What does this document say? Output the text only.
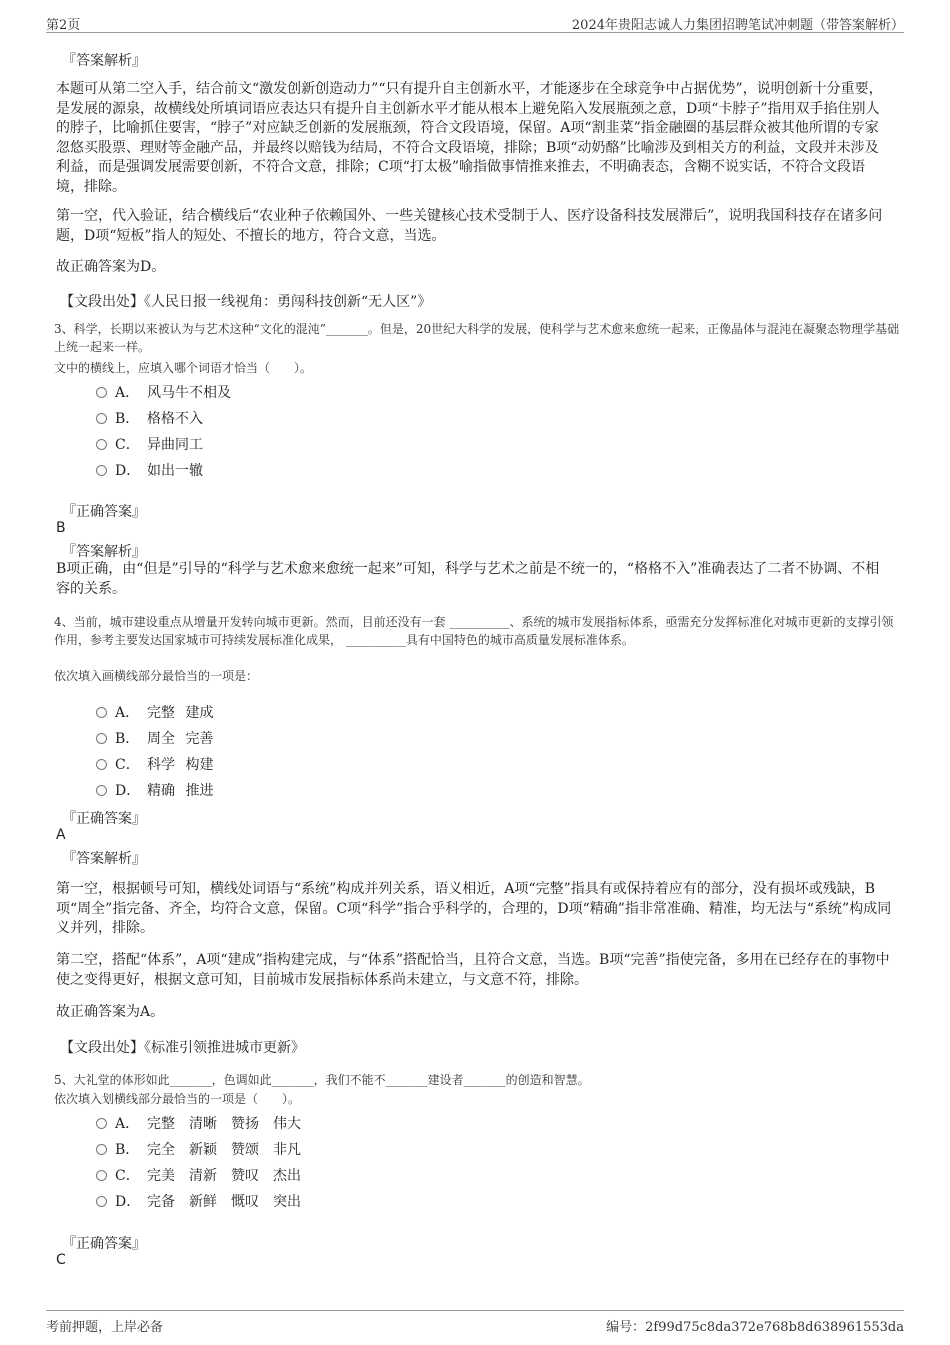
第2页	2024年贵阳志诚人力集团招聘笔试冲刺题（带答案解析）
『答案解析』
本题可从第二空入手，结合前文“激发创新创造动力”“只有提升自主创新水平，才能逐步在全球竞争中占据优势”，说明创新十分重要，是发展的源泉，故横线处所填词语应表达只有提升自主创新水平才能从根本上避免陷入发展瓶颈之意，D项“卡脖子”指用双手掐住别人的脖子，比喻抓住要害，“脖子”对应缺乏创新的发展瓶颈，符合文段语境，保留。A项“割韭菜”指金融圈的基层群众被其他所谓的专家忽悠买股票、理财等金融产品，并最终以赔钱为结局，不符合文段语境，排除；B项“动奶酪”比喻涉及到相关方的利益，文段并未涉及利益，而是强调发展需要创新，不符合文意，排除；C项“打太极”喻指做事情推来推去，不明确表态，含糊不说实话，不符合文段语境，排除。
第一空，代入验证，结合横线后“农业种子依赖国外、一些关键核心技术受制于人、医疗设备科技发展滞后”，说明我国科技存在诸多问题，D项“短板”指人的短处、不擅长的地方，符合文意，当选。
故正确答案为D。
【文段出处】《人民日报一线视角：勇闯科技创新“无人区”》
3、科学，长期以来被认为与艺术这种“文化的混沌”_______。但是，20世纪大科学的发展，使科学与艺术愈来愈统一起来，正像晶体与混沌在凝聚态物理学基础上统一起来一样。
文中的横线上，应填入哪个词语才恰当（　　）。
A． 风马牛不相及
B． 格格不入
C． 异曲同工
D． 如出一辙
『正确答案』
B
『答案解析』
B项正确，由“但是”引导的“科学与艺术愈来愈统一起来”可知，科学与艺术之前是不统一的，“格格不入”准确表达了二者不协调、不相容的关系。
4、当前，城市建设重点从增量开发转向城市更新。然而，目前还没有一套 __________、系统的城市发展指标体系，亟需充分发挥标准化对城市更新的支撑引领作用，参考主要发达国家城市可持续发展标准化成果， __________具有中国特色的城市高质量发展标准体系。
依次填入画横线部分最恰当的一项是：
A． 完整 建成
B． 周全 完善
C． 科学 构建
D． 精确 推进
『正确答案』
A
『答案解析』
第一空，根据顿号可知，横线处词语与“系统”构成并列关系，语义相近，A项“完整”指具有或保持着应有的部分，没有损坏或残缺，B项“周全”指完备、齐全，均符合文意，保留。C项“科学”指合乎科学的，合理的，D项“精确”指非常准确、精准，均无法与“系统”构成同义并列，排除。
第二空，搭配“体系”，A项“建成”指构建完成，与“体系”搭配恰当，且符合文意，当选。B项“完善”指使完备，多用在已经存在的事物中使之变得更好，根据文意可知，目前城市发展指标体系尚未建立，与文意不符，排除。
故正确答案为A。
【文段出处】《标准引领推进城市更新》
5、大礼堂的体形如此_______，色调如此_______，我们不能不_______建设者_______的创造和智慧。
依次填入划横线部分最恰当的一项是（　　）。
A． 完整 清晰 赞扬 伟大
B． 完全 新颖 赞颂 非凡
C． 完美 清新 赞叹 杰出
D． 完备 新鲜 慨叹 突出
『正确答案』
C
考前押题，上岸必备	编号：2f99d75c8da372e768b8d638961553da
